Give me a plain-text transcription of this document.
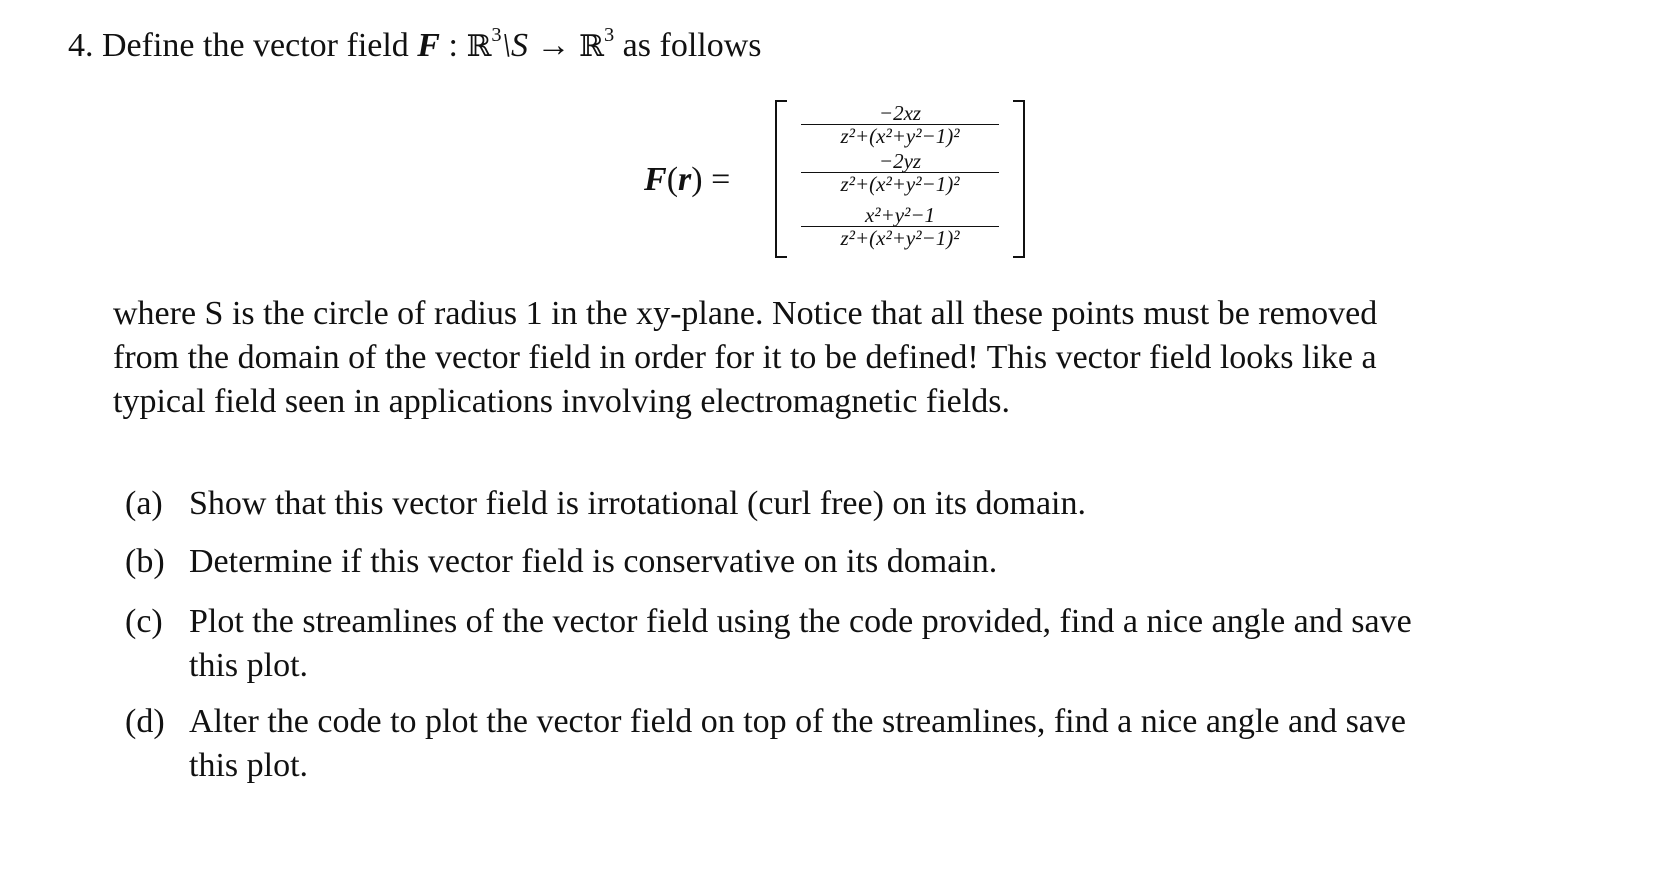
4. Define the vector field F : ℝ$^3$\S → ℝ$^3$ as follows
F(r) =
−2xz
z²+(x²+y²−1)²
−2yz
z²+(x²+y²−1)²
x²+y²−1
z²+(x²+y²−1)²
where S is the circle of radius 1 in the xy-plane. Notice that all these points must be removed
from the domain of the vector field in order for it to be defined! This vector field looks like a
typical field seen in applications involving electromagnetic fields.
(a) Show that this vector field is irrotational (curl free) on its domain.
(b) Determine if this vector field is conservative on its domain.
(c) Plot the streamlines of the vector field using the code provided, find a nice angle and save
this plot.
(d) Alter the code to plot the vector field on top of the streamlines, find a nice angle and save
this plot.
